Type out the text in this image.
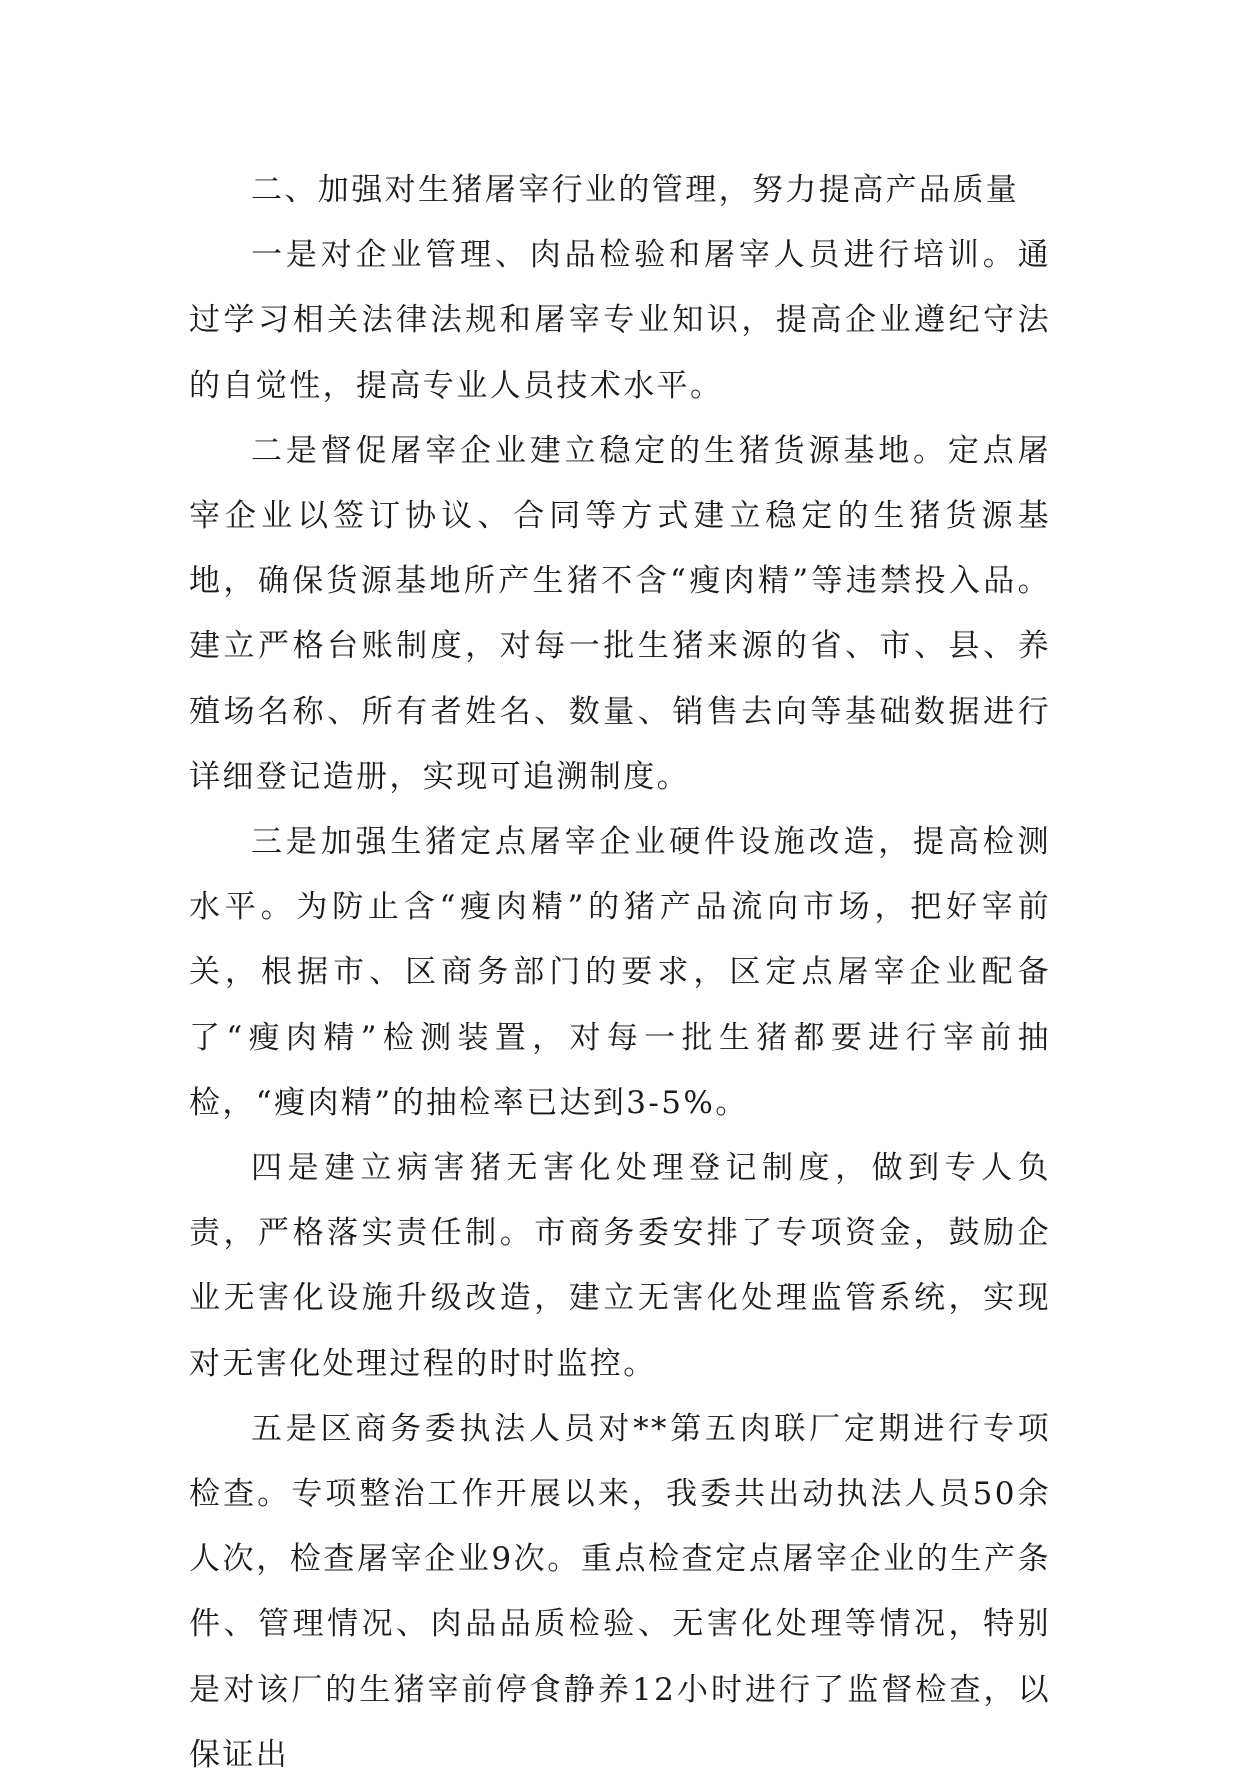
二、加强对生猪屠宰行业的管理，努力提高产品质量

一是对企业管理、肉品检验和屠宰人员进行培训。通过学习相关法律法规和屠宰专业知识，提高企业遵纪守法的自觉性，提高专业人员技术水平。

二是督促屠宰企业建立稳定的生猪货源基地。定点屠宰企业以签订协议、合同等方式建立稳定的生猪货源基地，确保货源基地所产生猪不含“瘦肉精”等违禁投入品。建立严格台账制度，对每一批生猪来源的省、市、县、养殖场名称、所有者姓名、数量、销售去向等基础数据进行详细登记造册，实现可追溯制度。

三是加强生猪定点屠宰企业硬件设施改造，提高检测水平。为防止含“瘦肉精”的猪产品流向市场，把好宰前关，根据市、区商务部门的要求，区定点屠宰企业配备了“瘦肉精”检测装置，对每一批生猪都要进行宰前抽检，“瘦肉精”的抽检率已达到3-5%。

四是建立病害猪无害化处理登记制度，做到专人负责，严格落实责任制。市商务委安排了专项资金，鼓励企业无害化设施升级改造，建立无害化处理监管系统，实现对无害化处理过程的时时监控。

五是区商务委执法人员对**第五肉联厂定期进行专项检查。专项整治工作开展以来，我委共出动执法人员50余人次，检查屠宰企业9次。重点检查定点屠宰企业的生产条件、管理情况、肉品品质检验、无害化处理等情况，特别是对该厂的生猪宰前停食静养12小时进行了监督检查，以保证出
